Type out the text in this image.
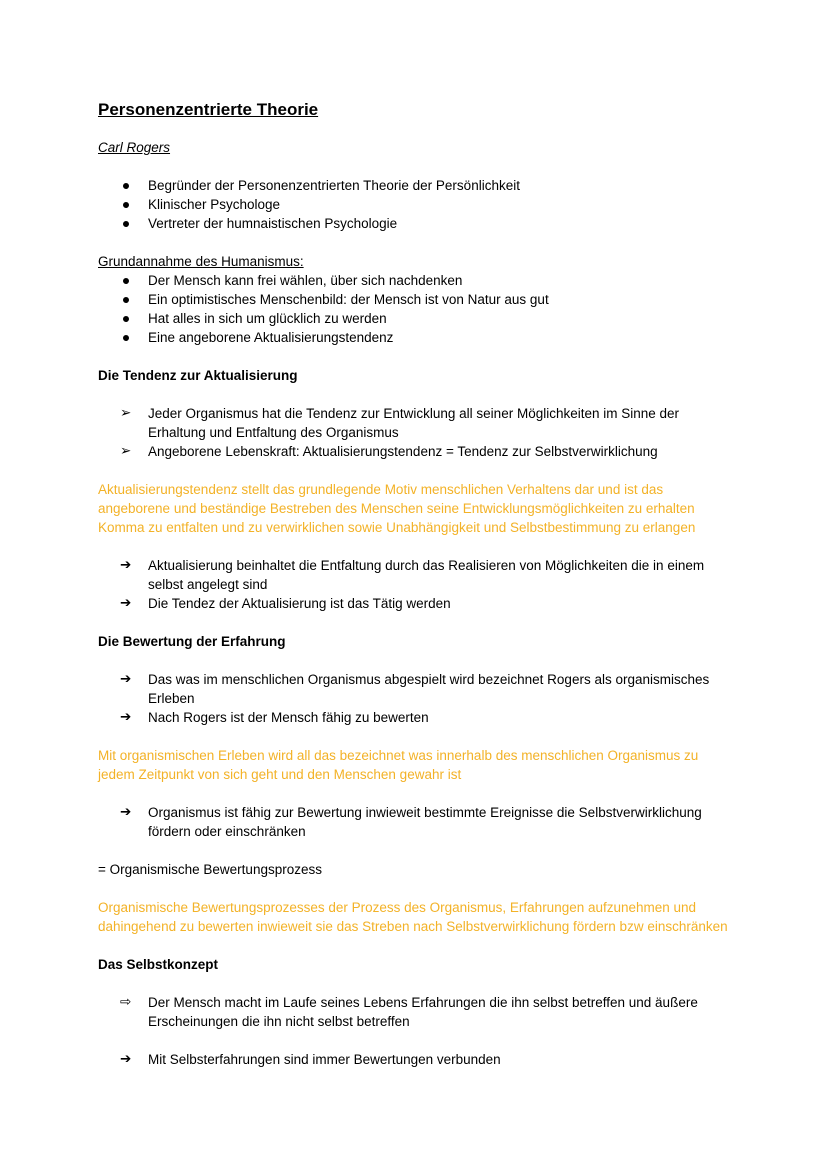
Personenzentrierte Theorie
Carl Rogers
Begründer der Personenzentrierten Theorie der Persönlichkeit
Klinischer Psychologe
Vertreter der humnaistischen Psychologie
Grundannahme des Humanismus:
Der Mensch kann frei wählen, über sich nachdenken
Ein optimistisches Menschenbild: der Mensch ist von Natur aus gut
Hat alles in sich um glücklich zu werden
Eine angeborene Aktualisierungstendenz
Die Tendenz zur Aktualisierung
➢	Jeder Organismus hat die Tendenz zur Entwicklung all seiner Möglichkeiten im Sinne der Erhaltung und Entfaltung des Organismus
➢	Angeborene Lebenskraft: Aktualisierungstendenz = Tendenz zur Selbstverwirklichung
Aktualisierungstendenz stellt das grundlegende Motiv menschlichen Verhaltens dar und ist das angeborene und beständige Bestreben des Menschen seine Entwicklungsmöglichkeiten zu erhalten Komma zu entfalten und zu verwirklichen sowie Unabhängigkeit und Selbstbestimmung zu erlangen
➔	Aktualisierung beinhaltet die Entfaltung durch das Realisieren von Möglichkeiten die in einem selbst angelegt sind
➔	Die Tendez der Aktualisierung ist das Tätig werden
Die Bewertung der Erfahrung
➔	Das was im menschlichen Organismus abgespielt wird bezeichnet Rogers als organismisches Erleben
➔	Nach Rogers ist der Mensch fähig zu bewerten
Mit organismischen Erleben wird all das bezeichnet was innerhalb des menschlichen Organismus zu jedem Zeitpunkt von sich geht und den Menschen gewahr ist
➔	Organismus ist fähig zur Bewertung inwieweit bestimmte Ereignisse die Selbstverwirklichung fördern oder einschränken
= Organismische Bewertungsprozess
Organismische Bewertungsprozesses der Prozess des Organismus, Erfahrungen aufzunehmen und dahingehend zu bewerten inwieweit sie das Streben nach Selbstverwirklichung fördern bzw einschränken
Das Selbstkonzept
⇨	Der Mensch macht im Laufe seines Lebens Erfahrungen die ihn selbst betreffen und äußere Erscheinungen die ihn nicht selbst betreffen
➔	Mit Selbsterfahrungen sind immer Bewertungen verbunden
